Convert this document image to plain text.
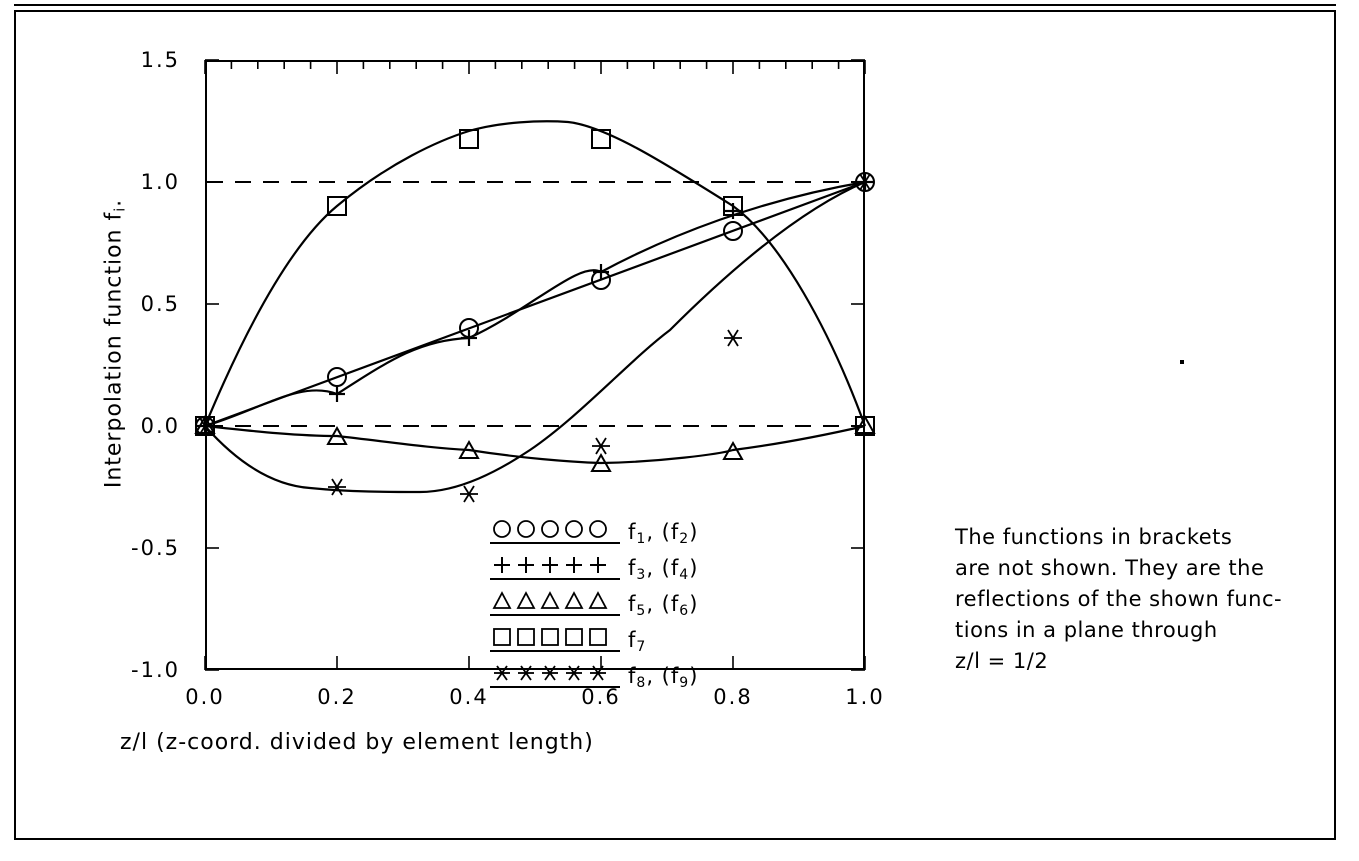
Interpolation function $f_i$.
z/l (z-coord. divided by element length)
1.5
1.0
0.5
0.0
-0.5
-1.0
0.0	0.2	0.4	0.6	0.8	1.0
$f_1$, $(f_2)$
$f_3$, $(f_4)$
$f_5$, $(f_6)$
$f_7$
$f_8$, $(f_9)$
The functions in brackets
are not shown. They are the
reflections of the shown func-
tions in a plane through
z/l = 1/2
